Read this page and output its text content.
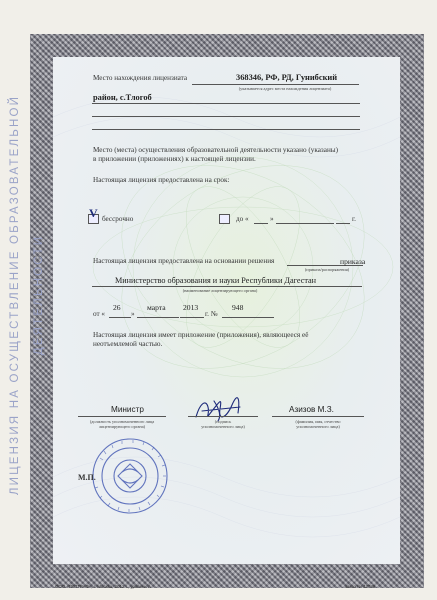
ЛИЦЕНЗИЯ НА ОСУЩЕСТВЛЕНИЕ ОБРАЗОВАТЕЛЬНОЙ ДЕЯТЕЛЬНОСТИ
Место нахождения лицензиата	368346, РФ, РД, Гунибский
(указывается адрес места нахождения лицензиата)
район, с.Тлогоб
Место (места) осуществления образовательной деятельности указано (указаны)
в приложении (приложениях) к настоящей лицензии.
Настоящая лицензия предоставлена на срок:
V бессрочно	до «	»	г.
Настоящая лицензия предоставлена на основании решения	приказа
(приказа/распоряжения)
Министерство образования и науки Республики Дагестан
(наименование лицензирующего органа)
от «
26
»
марта 2013
г. №
948
Настоящая лицензия имеет приложение (приложения), являющееся её
неотъемлемой частью.
Министр
(должность уполномоченного лица
лицензирующего органа)
(подпись
уполномоченного лица)
Азизов М.З.
(фамилия, имя, отчество
уполномоченного лица)
М.П.
ООО «ПЕТГРАФ», г. Москва, 2012 г., уровень А	заказ № 42786
